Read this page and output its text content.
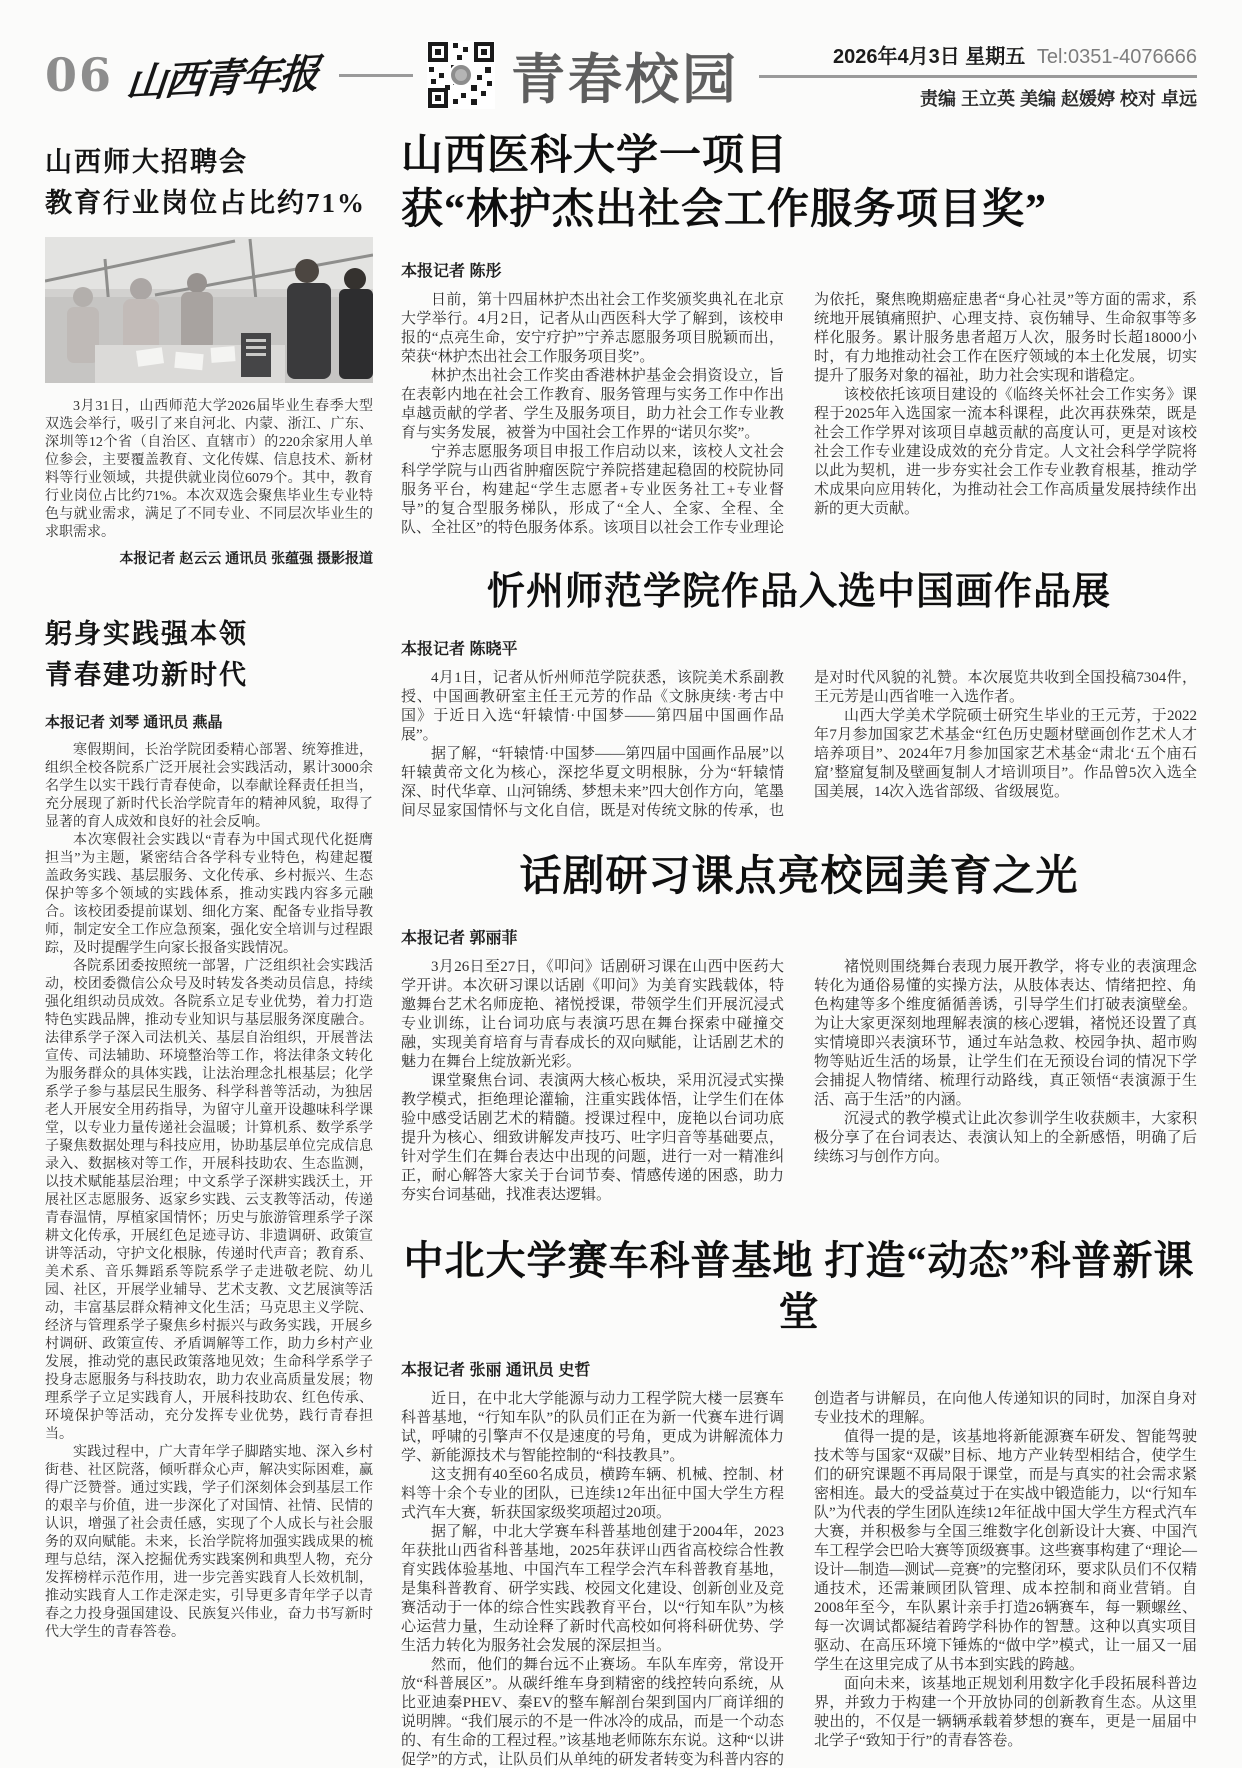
06 山西青年报	青春校园	2026年4月3日 星期五 Tel:0351-4076666
责编 王立英 美编 赵媛婷 校对 卓远
山西师大招聘会
教育行业岗位占比约71%

3月31日，山西师范大学2026届毕业生春季大型双选会举行，吸引了来自河北、内蒙、浙江、广东、深圳等12个省（自治区、直辖市）的220余家用人单位参会，主要覆盖教育、文化传媒、信息技术、新材料等行业领域，共提供就业岗位6079个。其中，教育行业岗位占比约71%。本次双选会聚焦毕业生专业特色与就业需求，满足了不同专业、不同层次毕业生的求职需求。

本报记者 赵云云 通讯员 张蕴强 摄影报道
躬身实践强本领
青春建功新时代
本报记者 刘琴 通讯员 燕晶

寒假期间，长治学院团委精心部署、统筹推进，组织全校各院系广泛开展社会实践活动，累计3000余名学生以实干践行青春使命，以奉献诠释责任担当，充分展现了新时代长治学院青年的精神风貌，取得了显著的育人成效和良好的社会反响。

本次寒假社会实践以“青春为中国式现代化挺膺担当”为主题，紧密结合各学科专业特色，构建起覆盖政务实践、基层服务、文化传承、乡村振兴、生态保护等多个领域的实践体系，推动实践内容多元融合。该校团委提前谋划、细化方案、配备专业指导教师，制定安全工作应急预案，强化安全培训与过程跟踪，及时提醒学生向家长报备实践情况。

各院系团委按照统一部署，广泛组织社会实践活动，校团委微信公众号及时转发各类动员信息，持续强化组织动员成效。各院系立足专业优势，着力打造特色实践品牌，推动专业知识与基层服务深度融合。法律系学子深入司法机关、基层自治组织，开展普法宣传、司法辅助、环境整治等工作，将法律条文转化为服务群众的具体实践，让法治理念扎根基层；化学系学子参与基层民生服务、科学科普等活动，为独居老人开展安全用药指导，为留守儿童开设趣味科学课堂，以专业力量传递社会温暖；计算机系、数学系学子聚焦数据处理与科技应用，协助基层单位完成信息录入、数据核对等工作，开展科技助农、生态监测，以技术赋能基层治理；中文系学子深耕实践沃土，开展社区志愿服务、返家乡实践、云支教等活动，传递青春温情，厚植家国情怀；历史与旅游管理系学子深耕文化传承，开展红色足迹寻访、非遗调研、政策宣讲等活动，守护文化根脉，传递时代声音；教育系、美术系、音乐舞蹈系等院系学子走进敬老院、幼儿园、社区，开展学业辅导、艺术支教、文艺展演等活动，丰富基层群众精神文化生活；马克思主义学院、经济与管理系学子聚焦乡村振兴与政务实践，开展乡村调研、政策宣传、矛盾调解等工作，助力乡村产业发展，推动党的惠民政策落地见效；生命科学系学子投身志愿服务与科技助农，助力农业高质量发展；物理系学子立足实践育人，开展科技助农、红色传承、环境保护等活动，充分发挥专业优势，践行青春担当。

实践过程中，广大青年学子脚踏实地、深入乡村街巷、社区院落，倾听群众心声，解决实际困难，赢得广泛赞誉。通过实践，学子们深刻体会到基层工作的艰辛与价值，进一步深化了对国情、社情、民情的认识，增强了社会责任感，实现了个人成长与社会服务的双向赋能。未来，长治学院将加强实践成果的梳理与总结，深入挖掘优秀实践案例和典型人物，充分发挥榜样示范作用，进一步完善实践育人长效机制，推动实践育人工作走深走实，引导更多青年学子以青春之力投身强国建设、民族复兴伟业，奋力书写新时代大学生的青春答卷。

山西医科大学一项目
获“林护杰出社会工作服务项目奖”
本报记者 陈彤

日前，第十四届林护杰出社会工作奖颁奖典礼在北京大学举行。4月2日，记者从山西医科大学了解到，该校申报的“点亮生命，安宁疗护”宁养志愿服务项目脱颖而出，荣获“林护杰出社会工作服务项目奖”。

林护杰出社会工作奖由香港林护基金会捐资设立，旨在表彰内地在社会工作教育、服务管理与实务工作中作出卓越贡献的学者、学生及服务项目，助力社会工作专业教育与实务发展，被誉为中国社会工作界的“诺贝尔奖”。

宁养志愿服务项目申报工作启动以来，该校人文社会科学学院与山西省肿瘤医院宁养院搭建起稳固的校院协同服务平台，构建起“学生志愿者+专业医务社工+专业督导”的复合型服务梯队，形成了“全人、全家、全程、全队、全社区”的特色服务体系。该项目以社会工作专业理论为依托，聚焦晚期癌症患者“身心社灵”等方面的需求，系统地开展镇痛照护、心理支持、哀伤辅导、生命叙事等多样化服务。累计服务患者超万人次，服务时长超18000小时，有力地推动社会工作在医疗领域的本土化发展，切实提升了服务对象的福祉，助力社会实现和谐稳定。

该校依托该项目建设的《临终关怀社会工作实务》课程于2025年入选国家一流本科课程，此次再获殊荣，既是社会工作学界对该项目卓越贡献的高度认可，更是对该校社会工作专业建设成效的充分肯定。人文社会科学学院将以此为契机，进一步夯实社会工作专业教育根基，推动学术成果向应用转化，为推动社会工作高质量发展持续作出新的更大贡献。

忻州师范学院作品入选中国画作品展
本报记者 陈晓平

4月1日，记者从忻州师范学院获悉，该院美术系副教授、中国画教研室主任王元芳的作品《文脉庚续·考古中国》于近日入选“轩辕情·中国梦——第四届中国画作品展”。

据了解，“轩辕情·中国梦——第四届中国画作品展”以轩辕黄帝文化为核心，深挖华夏文明根脉，分为“轩辕情深、时代华章、山河锦绣、梦想未来”四大创作方向，笔墨间尽显家国情怀与文化自信，既是对传统文脉的传承，也是对时代风貌的礼赞。本次展览共收到全国投稿7304件，王元芳是山西省唯一入选作者。

山西大学美术学院硕士研究生毕业的王元芳，于2022年7月参加国家艺术基金“红色历史题材壁画创作艺术人才培养项目”、2024年7月参加国家艺术基金“肃北‘五个庙石窟’整窟复制及壁画复制人才培训项目”。作品曾5次入选全国美展，14次入选省部级、省级展览。

话剧研习课点亮校园美育之光
本报记者 郭丽菲

3月26日至27日，《叩问》话剧研习课在山西中医药大学开讲。本次研习课以话剧《叩问》为美育实践载体，特邀舞台艺术名师庞艳、褚悦授课，带领学生们开展沉浸式专业训练，让台词功底与表演巧思在舞台探索中碰撞交融，实现美育培育与青春成长的双向赋能，让话剧艺术的魅力在舞台上绽放新光彩。

课堂聚焦台词、表演两大核心板块，采用沉浸式实操教学模式，拒绝理论灌输，注重实践体悟，让学生们在体验中感受话剧艺术的精髓。授课过程中，庞艳以台词功底提升为核心、细致讲解发声技巧、吐字归音等基础要点，针对学生们在舞台表达中出现的问题，进行一对一精准纠正，耐心解答大家关于台词节奏、情感传递的困惑，助力夯实台词基础，找准表达逻辑。

褚悦则围绕舞台表现力展开教学，将专业的表演理念转化为通俗易懂的实操方法，从肢体表达、情绪把控、角色构建等多个维度循循善诱，引导学生们打破表演壁垒。为让大家更深刻地理解表演的核心逻辑，褚悦还设置了真实情境即兴表演环节，通过车站急救、校园争执、超市购物等贴近生活的场景，让学生们在无预设台词的情况下学会捕捉人物情绪、梳理行动路线，真正领悟“表演源于生活、高于生活”的内涵。

沉浸式的教学模式让此次参训学生收获颇丰，大家积极分享了在台词表达、表演认知上的全新感悟，明确了后续练习与创作方向。

中北大学赛车科普基地 打造“动态”科普新课堂
本报记者 张丽 通讯员 史哲

近日，在中北大学能源与动力工程学院大楼一层赛车科普基地，“行知车队”的队员们正在为新一代赛车进行调试，呼啸的引擎声不仅是速度的号角，更成为讲解流体力学、新能源技术与智能控制的“科技教具”。

这支拥有40至60名成员，横跨车辆、机械、控制、材料等十余个专业的团队，已连续12年出征中国大学生方程式汽车大赛，斩获国家级奖项超过20项。

据了解，中北大学赛车科普基地创建于2004年，2023年获批山西省科普基地，2025年获评山西省高校综合性教育实践体验基地、中国汽车工程学会汽车科普教育基地，是集科普教育、研学实践、校园文化建设、创新创业及竞赛活动于一体的综合性实践教育平台，以“行知车队”为核心运营力量，生动诠释了新时代高校如何将科研优势、学生活力转化为服务社会发展的深层担当。

然而，他们的舞台远不止赛场。车队车库旁，常设开放“科普展区”。从碳纤维车身到精密的线控转向系统，从比亚迪秦PHEV、秦EV的整车解剖台架到国内厂商详细的说明牌。“我们展示的不是一件冰冷的成品，而是一个动态的、有生命的工程过程。”该基地老师陈东东说。这种“以讲促学”的方式，让队员们从单纯的研发者转变为科普内容的创造者与讲解员，在向他人传递知识的同时，加深自身对专业技术的理解。

值得一提的是，该基地将新能源赛车研发、智能驾驶技术等与国家“双碳”目标、地方产业转型相结合，使学生们的研究课题不再局限于课堂，而是与真实的社会需求紧密相连。最大的受益莫过于在实战中锻造能力，以“行知车队”为代表的学生团队连续12年征战中国大学生方程式汽车大赛，并积极参与全国三维数字化创新设计大赛、中国汽车工程学会巴哈大赛等顶级赛事。这些赛事构建了“理论—设计—制造—测试—竞赛”的完整闭环，要求队员们不仅精通技术，还需兼顾团队管理、成本控制和商业营销。自2008年至今，车队累计亲手打造26辆赛车，每一颗螺丝、每一次调试都凝结着跨学科协作的智慧。这种以真实项目驱动、在高压环境下锤炼的“做中学”模式，让一届又一届学生在这里完成了从书本到实践的跨越。

面向未来，该基地正规划利用数字化手段拓展科普边界，并致力于构建一个开放协同的创新教育生态。从这里驶出的，不仅是一辆辆承载着梦想的赛车，更是一届届中北学子“致知于行”的青春答卷。
